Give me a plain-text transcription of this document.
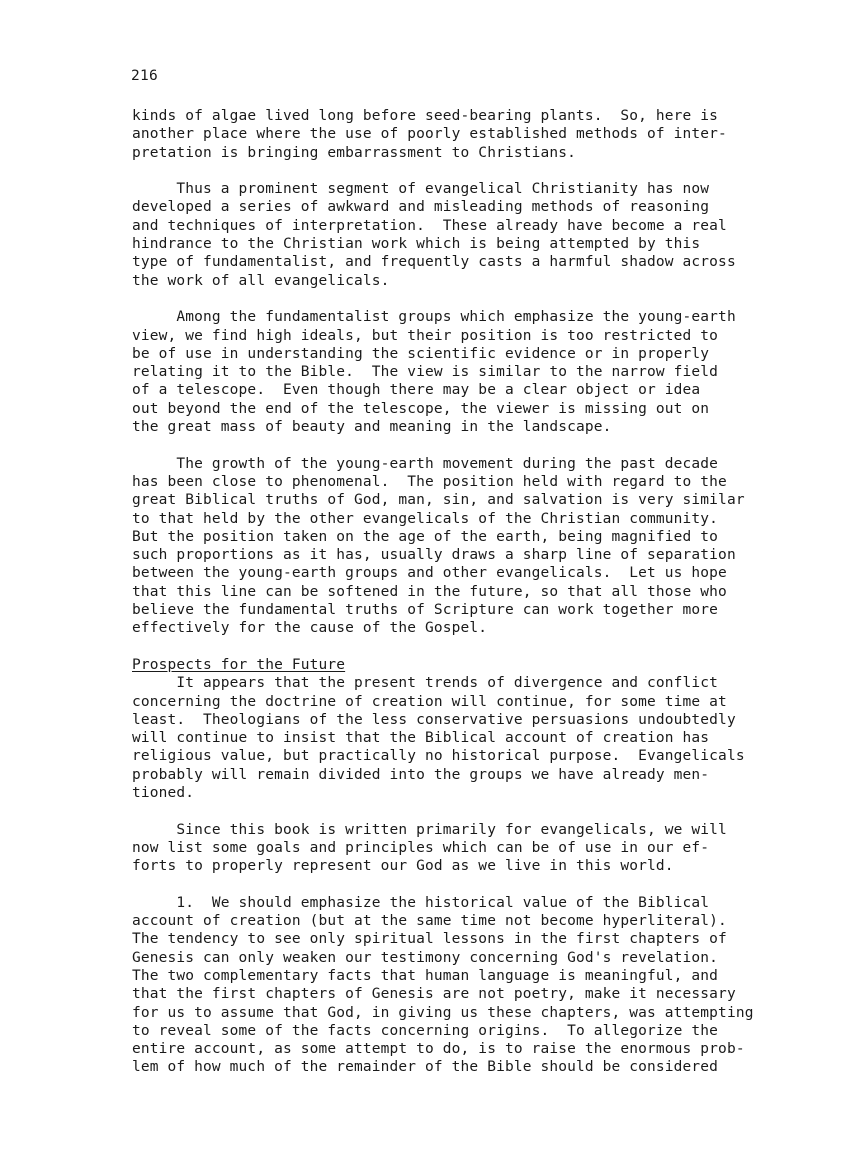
216
kinds of algae lived long before seed-bearing plants.  So, here is
another place where the use of poorly established methods of inter-
pretation is bringing embarrassment to Christians.
Thus a prominent segment of evangelical Christianity has now
developed a series of awkward and misleading methods of reasoning
and techniques of interpretation.  These already have become a real
hindrance to the Christian work which is being attempted by this
type of fundamentalist, and frequently casts a harmful shadow across
the work of all evangelicals.
Among the fundamentalist groups which emphasize the young-earth
view, we find high ideals, but their position is too restricted to
be of use in understanding the scientific evidence or in properly
relating it to the Bible.  The view is similar to the narrow field
of a telescope.  Even though there may be a clear object or idea
out beyond the end of the telescope, the viewer is missing out on
the great mass of beauty and meaning in the landscape.
The growth of the young-earth movement during the past decade
has been close to phenomenal.  The position held with regard to the
great Biblical truths of God, man, sin, and salvation is very similar
to that held by the other evangelicals of the Christian community.
But the position taken on the age of the earth, being magnified to
such proportions as it has, usually draws a sharp line of separation
between the young-earth groups and other evangelicals.  Let us hope
that this line can be softened in the future, so that all those who
believe the fundamental truths of Scripture can work together more
effectively for the cause of the Gospel.
Prospects for the Future
It appears that the present trends of divergence and conflict
concerning the doctrine of creation will continue, for some time at
least.  Theologians of the less conservative persuasions undoubtedly
will continue to insist that the Biblical account of creation has
religious value, but practically no historical purpose.  Evangelicals
probably will remain divided into the groups we have already men-
tioned.
Since this book is written primarily for evangelicals, we will
now list some goals and principles which can be of use in our ef-
forts to properly represent our God as we live in this world.
1.  We should emphasize the historical value of the Biblical
account of creation (but at the same time not become hyperliteral).
The tendency to see only spiritual lessons in the first chapters of
Genesis can only weaken our testimony concerning God's revelation.
The two complementary facts that human language is meaningful, and
that the first chapters of Genesis are not poetry, make it necessary
for us to assume that God, in giving us these chapters, was attempting
to reveal some of the facts concerning origins.  To allegorize the
entire account, as some attempt to do, is to raise the enormous prob-
lem of how much of the remainder of the Bible should be considered
